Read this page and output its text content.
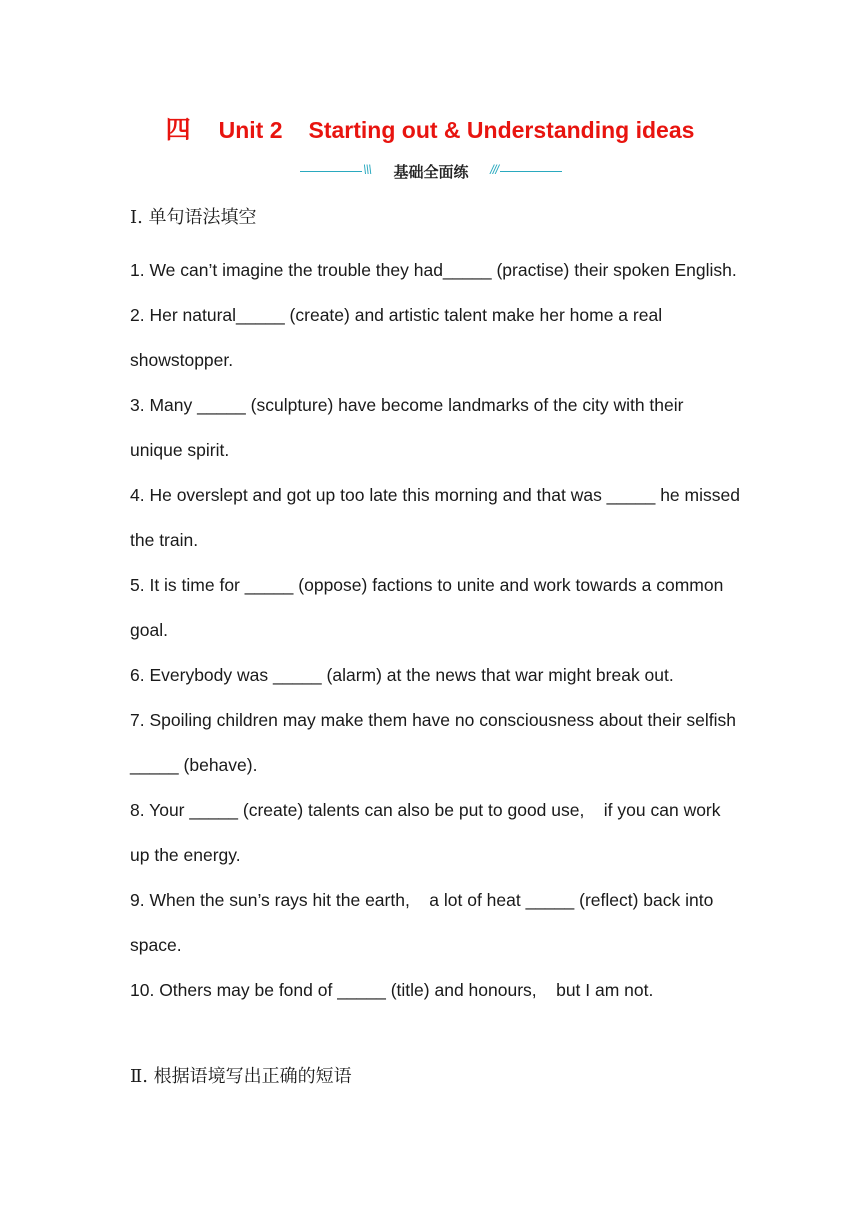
四 Unit 2 Starting out & Understanding ideas
\\\	基础全面练	///
Ⅰ. 单句语法填空
1. We can’t imagine the trouble they had_____ (practise) their spoken English.
2. Her natural_____ (create) and artistic talent make her home a real showstopper.
3. Many _____ (sculpture) have become landmarks of the city with their unique spirit.
4. He overslept and got up too late this morning and that was _____ he missed the train.
5. It is time for _____ (oppose) factions to unite and work towards a common goal.
6. Everybody was _____ (alarm) at the news that war might break out.
7. Spoiling children may make them have no consciousness about their selfish _____ (behave).
8. Your _____ (create) talents can also be put to good use,    if you can work up the energy.
9. When the sun’s rays hit the earth,    a lot of heat _____ (reflect) back into space.
10. Others may be fond of _____ (title) and honours,    but I am not.
Ⅱ. 根据语境写出正确的短语
